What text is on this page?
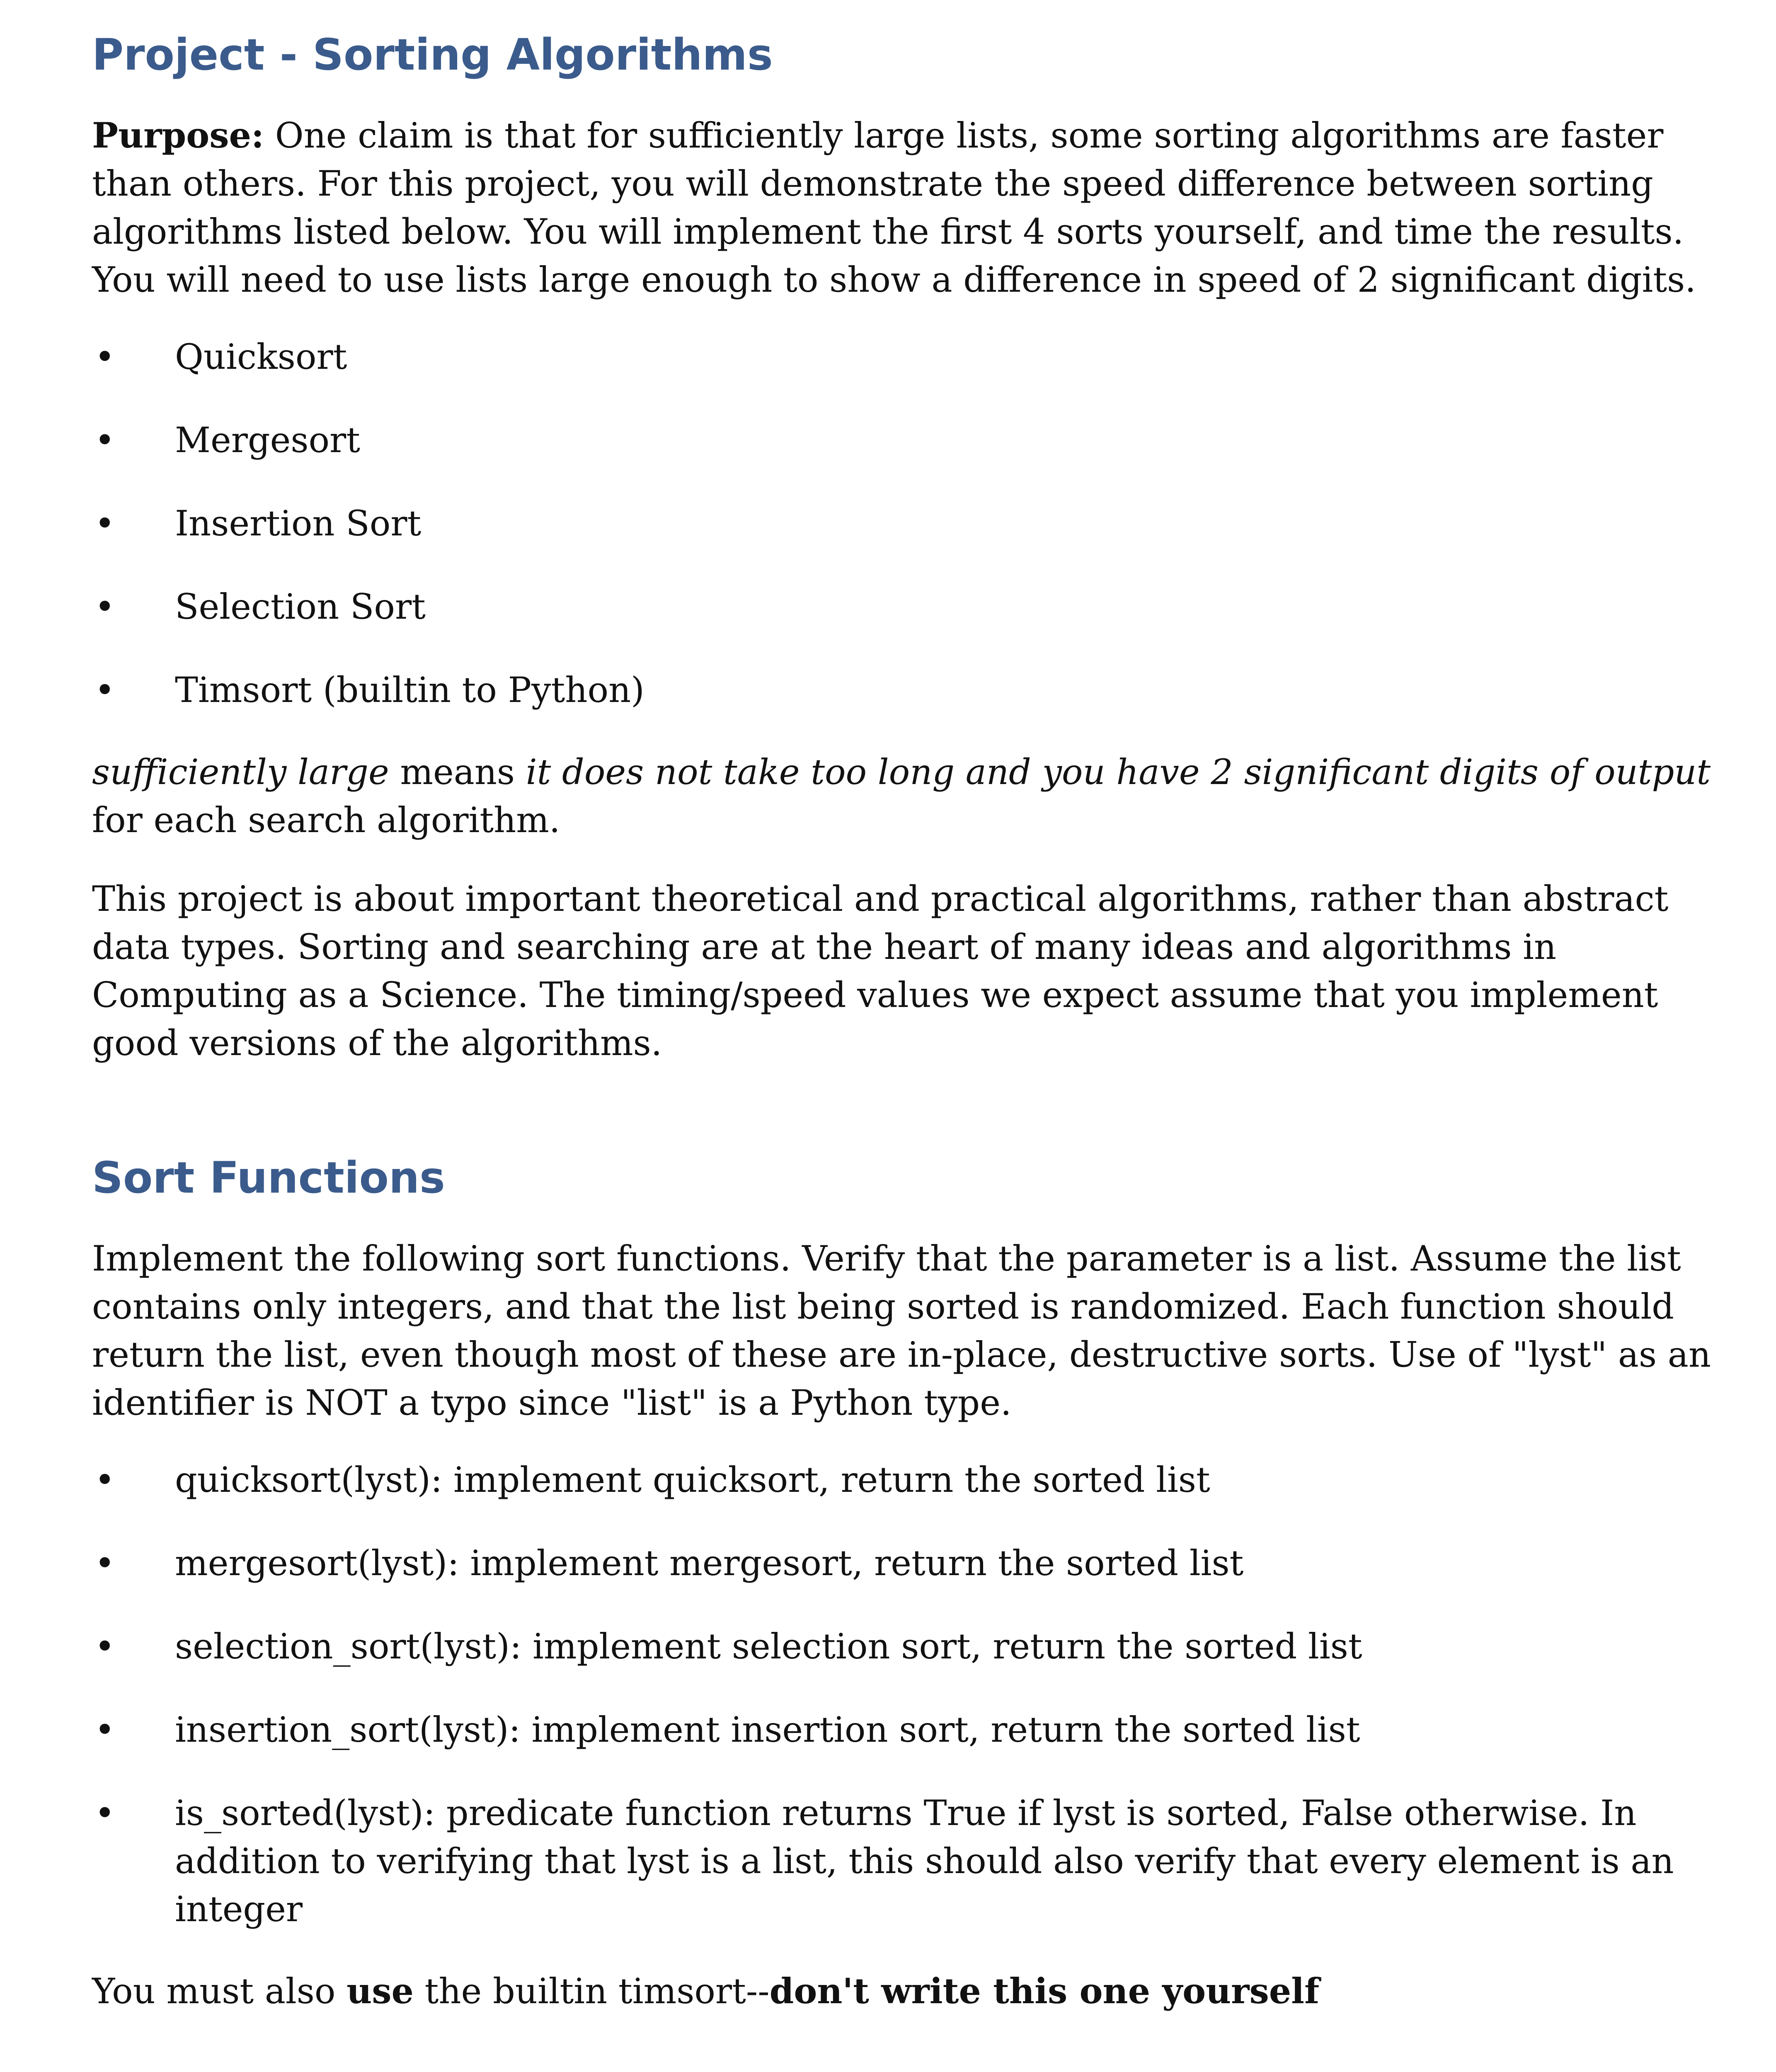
Project - Sorting Algorithms

Purpose: One claim is that for sufficiently large lists, some sorting algorithms are faster than others. For this project, you will demonstrate the speed difference between sorting algorithms listed below. You will implement the first 4 sorts yourself, and time the results. You will need to use lists large enough to show a difference in speed of 2 significant digits.

• Quicksort
• Mergesort
• Insertion Sort
• Selection Sort
• Timsort (builtin to Python)

sufficiently large means it does not take too long and you have 2 significant digits of output for each search algorithm.

This project is about important theoretical and practical algorithms, rather than abstract data types. Sorting and searching are at the heart of many ideas and algorithms in Computing as a Science. The timing/speed values we expect assume that you implement good versions of the algorithms.

Sort Functions

Implement the following sort functions. Verify that the parameter is a list. Assume the list contains only integers, and that the list being sorted is randomized. Each function should return the list, even though most of these are in-place, destructive sorts. Use of "lyst" as an identifier is NOT a typo since "list" is a Python type.

• quicksort(lyst): implement quicksort, return the sorted list
• mergesort(lyst): implement mergesort, return the sorted list
• selection_sort(lyst): implement selection sort, return the sorted list
• insertion_sort(lyst): implement insertion sort, return the sorted list
• is_sorted(lyst): predicate function returns True if lyst is sorted, False otherwise. In addition to verifying that lyst is a list, this should also verify that every element is an integer

You must also use the builtin timsort--don't write this one yourself
